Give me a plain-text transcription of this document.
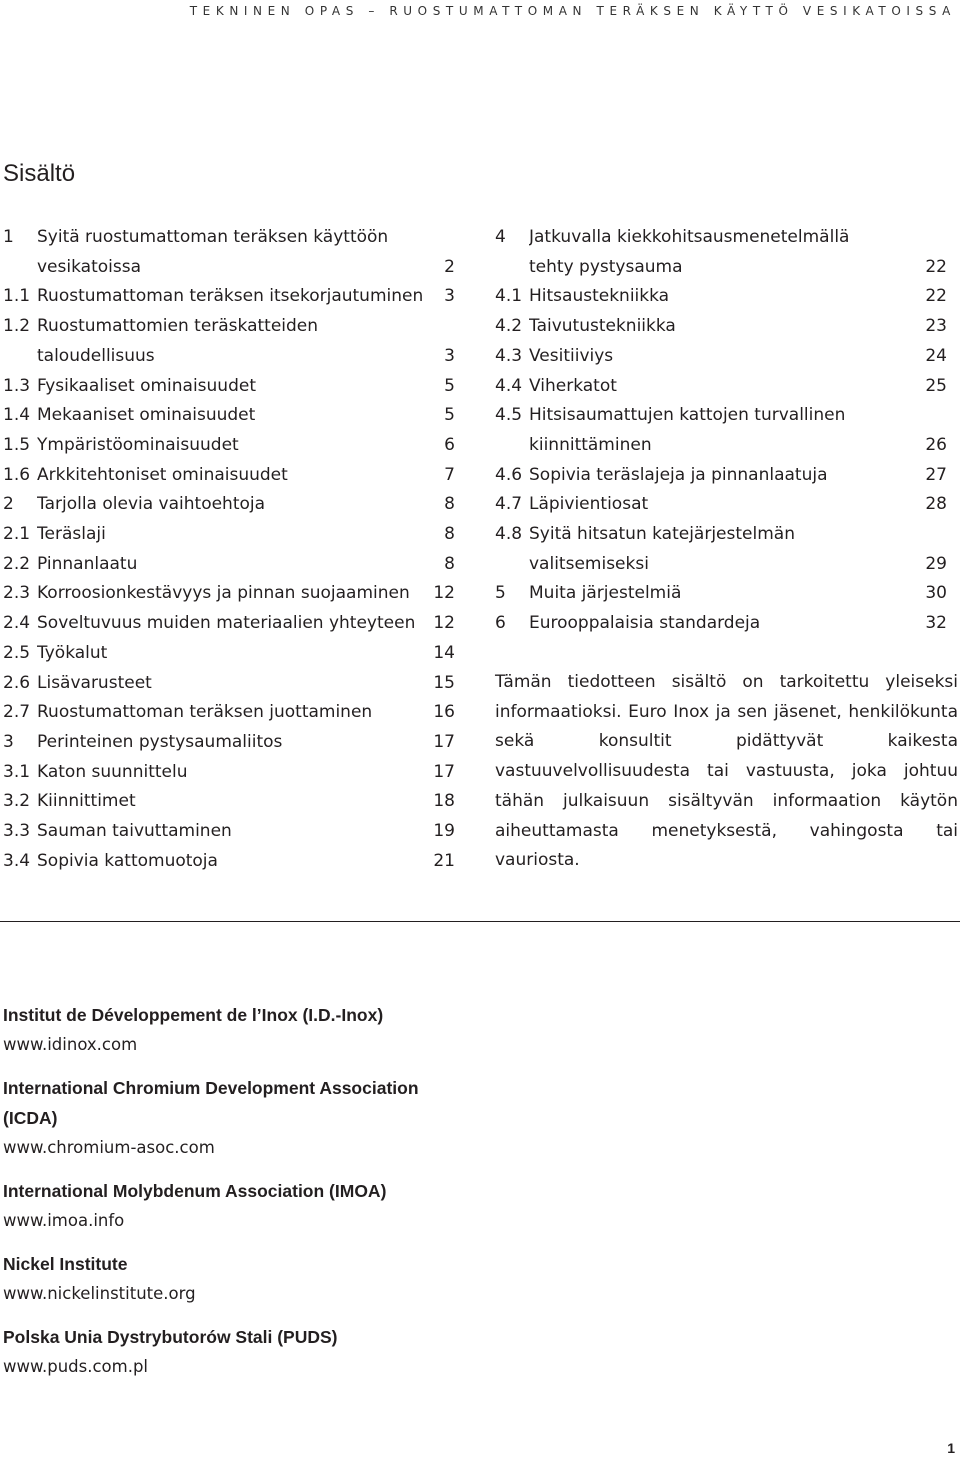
TEKNINEN OPAS – RUOSTUMATTOMAN TERÄKSEN KÄYTTÖ VESIKATOISSA
Sisältö
1	Syitä ruostumattoman teräksen käyttöön
vesikatoissa	2
1.1 Ruostumattoman teräksen itsekorjautuminen	3
1.2 Ruostumattomien teräskatteiden taloudellisuus	3
1.3 Fysikaaliset ominaisuudet	5
1.4 Mekaaniset ominaisuudet	5
1.5 Ympäristöominaisuudet	6
1.6 Arkkitehtoniset ominaisuudet	7
2	Tarjolla olevia vaihtoehtoja	8
2.1 Teräslaji	8
2.2 Pinnanlaatu	8
2.3 Korroosionkestävyys ja pinnan suojaaminen	12
2.4 Soveltuvuus muiden materiaalien yhteyteen	12
2.5 Työkalut	14
2.6 Lisävarusteet	15
2.7 Ruostumattoman teräksen juottaminen	16
3	Perinteinen pystysaumaliitos	17
3.1 Katon suunnittelu	17
3.2 Kiinnittimet	18
3.3 Sauman taivuttaminen	19
3.4 Sopivia kattomuotoja	21
4	Jatkuvalla kiekkohitsausmenetelmällä
tehty pystysauma	22
4.1 Hitsaustekniikka	22
4.2 Taivutustekniikka	23
4.3 Vesitiiviys	24
4.4 Viherkatot	25
4.5 Hitsisaumattujen kattojen turvallinen
kiinnittäminen	26
4.6 Sopivia teräslajeja ja pinnanlaatuja	27
4.7 Läpivientiosat	28
4.8 Syitä hitsatun katejärjestelmän valitsemiseksi	29
5	Muita järjestelmiä	30
6	Eurooppalaisia standardeja	32

Tämän tiedotteen sisältö on tarkoitettu yleiseksi informaatioksi. Euro Inox ja sen jäsenet, henkilökunta sekä konsultit pidättyvät kaikesta vastuuvelvollisuudesta tai vastuusta, joka johtuu tähän julkaisuun sisältyvän informaation käytön aiheuttamasta menetyksestä, vahingosta tai vauriosta.

Institut de Développement de l’Inox (I.D.-Inox)
www.idinox.com
International Chromium Development Association
(ICDA)
www.chromium-asoc.com
International Molybdenum Association (IMOA)
www.imoa.info
Nickel Institute
www.nickelinstitute.org
Polska Unia Dystrybutorów Stali (PUDS)
www.puds.com.pl
1
